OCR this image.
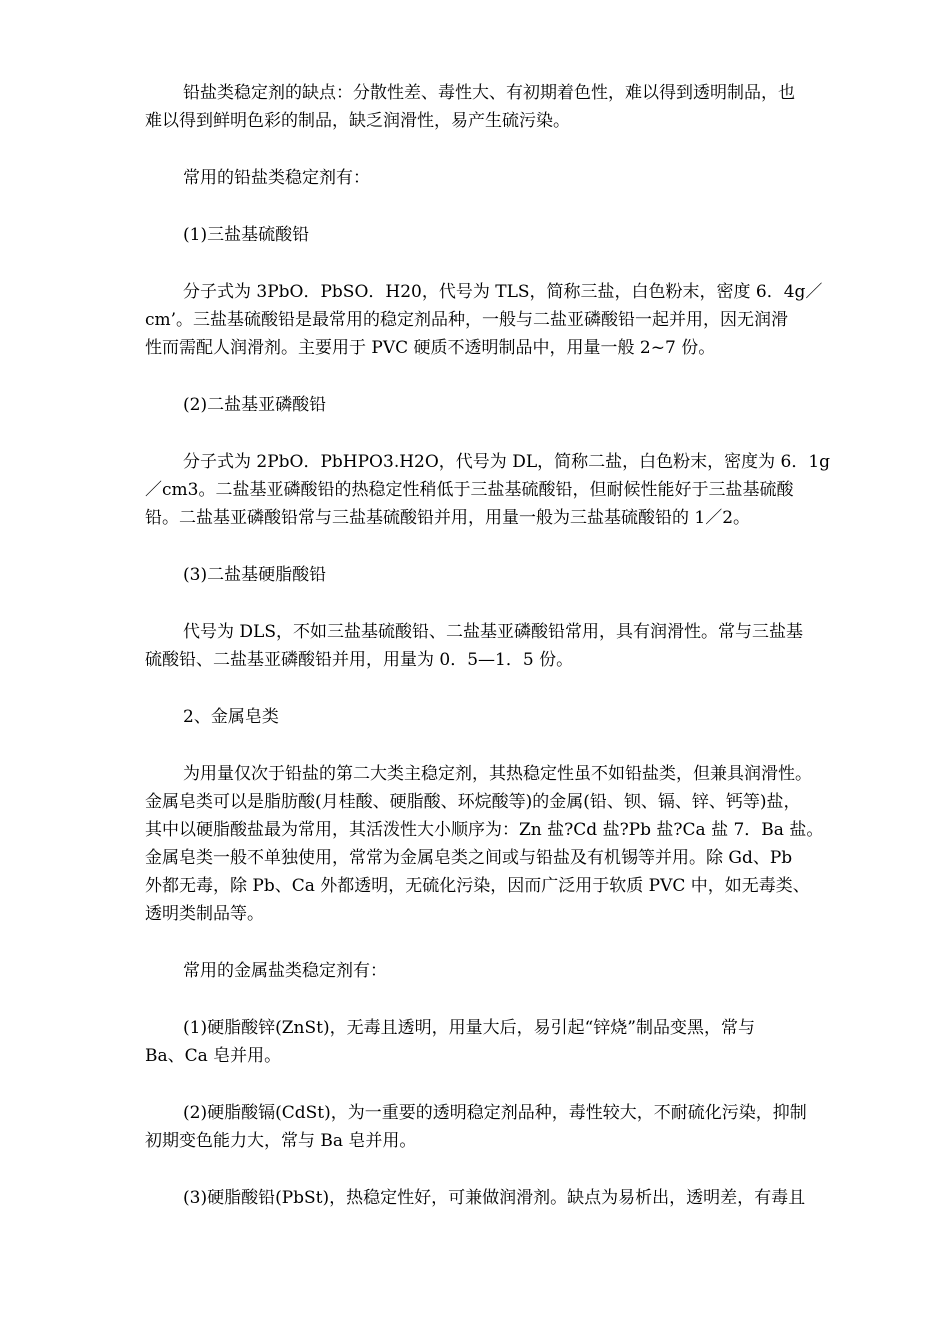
铅盐类稳定剂的缺点：分散性差、毒性大、有初期着色性，难以得到透明制品，也
难以得到鲜明色彩的制品，缺乏润滑性，易产生硫污染。
常用的铅盐类稳定剂有：
(1)三盐基硫酸铅
分子式为 3PbO．PbSO．H20，代号为 TLS，简称三盐，白色粉末，密度 6．4g／
cm’。三盐基硫酸铅是最常用的稳定剂品种，一般与二盐亚磷酸铅一起并用，因无润滑
性而需配人润滑剂。主要用于 PVC 硬质不透明制品中，用量一般 2~7 份。
(2)二盐基亚磷酸铅
分子式为 2PbO．PbHPO3.H2O，代号为 DL，简称二盐，白色粉末，密度为 6．1g
／cm3。二盐基亚磷酸铅的热稳定性稍低于三盐基硫酸铅，但耐候性能好于三盐基硫酸
铅。二盐基亚磷酸铅常与三盐基硫酸铅并用，用量一般为三盐基硫酸铅的 1／2。
(3)二盐基硬脂酸铅
代号为 DLS，不如三盐基硫酸铅、二盐基亚磷酸铅常用，具有润滑性。常与三盐基
硫酸铅、二盐基亚磷酸铅并用，用量为 0．5—1．5 份。
2、金属皂类
为用量仅次于铅盐的第二大类主稳定剂，其热稳定性虽不如铅盐类，但兼具润滑性。
金属皂类可以是脂肪酸(月桂酸、硬脂酸、环烷酸等)的金属(铅、钡、镉、锌、钙等)盐，
其中以硬脂酸盐最为常用，其活泼性大小顺序为：Zn 盐?Cd 盐?Pb 盐?Ca 盐 7．Ba 盐。
金属皂类一般不单独使用，常常为金属皂类之间或与铅盐及有机锡等并用。除 Gd、Pb
外都无毒，除 Pb、Ca 外都透明，无硫化污染，因而广泛用于软质 PVC 中，如无毒类、
透明类制品等。
常用的金属盐类稳定剂有：
(1)硬脂酸锌(ZnSt)，无毒且透明，用量大后，易引起“锌烧”制品变黑，常与
Ba、Ca 皂并用。
(2)硬脂酸镉(CdSt)，为一重要的透明稳定剂品种，毒性较大，不耐硫化污染，抑制
初期变色能力大，常与 Ba 皂并用。
(3)硬脂酸铅(PbSt)，热稳定性好，可兼做润滑剂。缺点为易析出，透明差，有毒且
